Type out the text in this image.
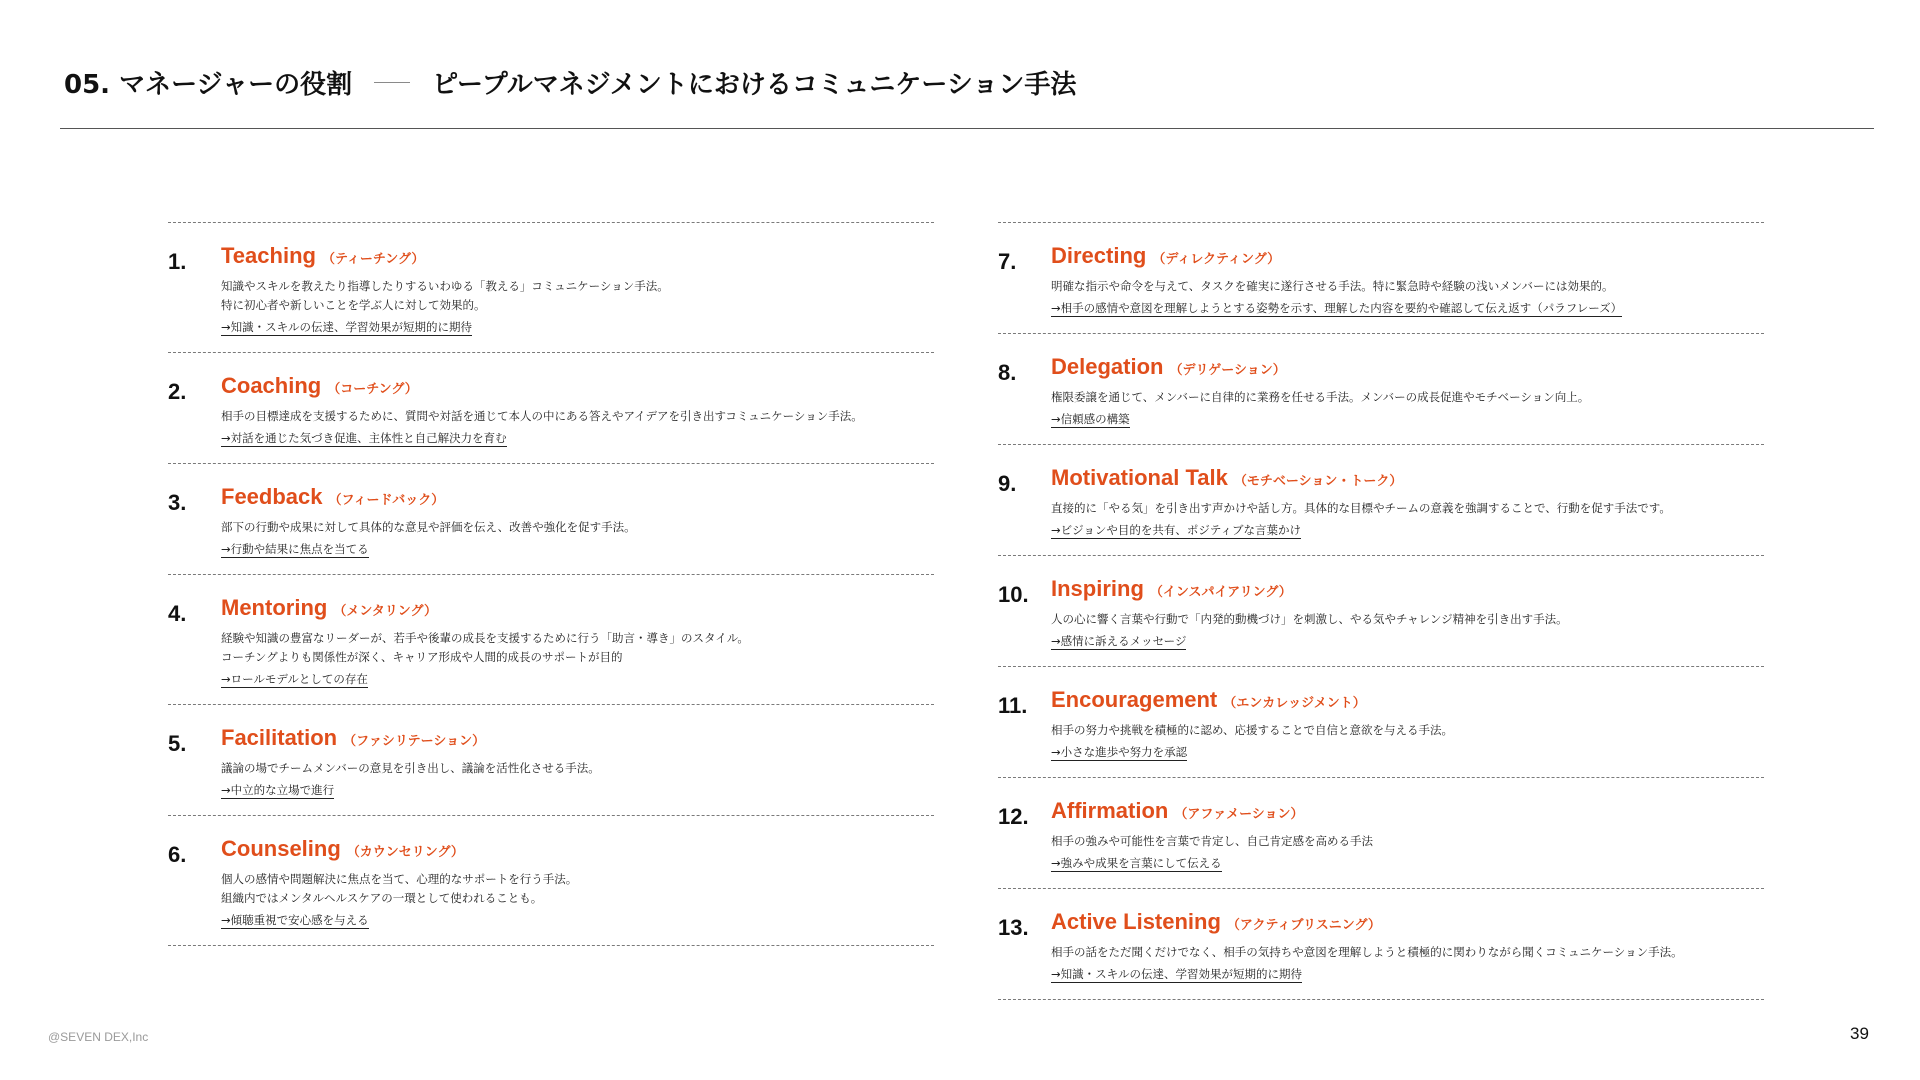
05. マネージャーの役割	ピープルマネジメントにおけるコミュニケーション手法
1. Teaching （ティーチング）
知識やスキルを教えたり指導したりするいわゆる「教える」コミュニケーション手法。
特に初心者や新しいことを学ぶ人に対して効果的。
→知識・スキルの伝達、学習効果が短期的に期待
2. Coaching （コーチング）
相手の目標達成を支援するために、質問や対話を通じて本人の中にある答えやアイデアを引き出すコミュニケーション手法。
→対話を通じた気づき促進、主体性と自己解決力を育む
3. Feedback （フィードバック）
部下の行動や成果に対して具体的な意見や評価を伝え、改善や強化を促す手法。
→行動や結果に焦点を当てる
4. Mentoring （メンタリング）
経験や知識の豊富なリーダーが、若手や後輩の成長を支援するために行う「助言・導き」のスタイル。
コーチングよりも関係性が深く、キャリア形成や人間的成長のサポートが目的
→ロールモデルとしての存在
5. Facilitation （ファシリテーション）
議論の場でチームメンバーの意見を引き出し、議論を活性化させる手法。
→中立的な立場で進行
6. Counseling （カウンセリング）
個人の感情や問題解決に焦点を当て、心理的なサポートを行う手法。
組織内ではメンタルヘルスケアの一環として使われることも。
→傾聴重視で安心感を与える
7. Directing （ディレクティング）
明確な指示や命令を与えて、タスクを確実に遂行させる手法。特に緊急時や経験の浅いメンバーには効果的。
→相手の感情や意図を理解しようとする姿勢を示す、理解した内容を要約や確認して伝え返す（パラフレーズ）
8. Delegation （デリゲーション）
権限委譲を通じて、メンバーに自律的に業務を任せる手法。メンバーの成長促進やモチベーション向上。
→信頼感の構築
9. Motivational Talk （モチベーション・トーク）
直接的に「やる気」を引き出す声かけや話し方。具体的な目標やチームの意義を強調することで、行動を促す手法です。
→ビジョンや目的を共有、ポジティブな言葉かけ
10. Inspiring （インスパイアリング）
人の心に響く言葉や行動で「内発的動機づけ」を刺激し、やる気やチャレンジ精神を引き出す手法。
→感情に訴えるメッセージ
11. Encouragement （エンカレッジメント）
相手の努力や挑戦を積極的に認め、応援することで自信と意欲を与える手法。
→小さな進歩や努力を承認
12. Affirmation （アファメーション）
相手の強みや可能性を言葉で肯定し、自己肯定感を高める手法
→強みや成果を言葉にして伝える
13. Active Listening （アクティブリスニング）
相手の話をただ聞くだけでなく、相手の気持ちや意図を理解しようと積極的に関わりながら聞くコミュニケーション手法。
→知識・スキルの伝達、学習効果が短期的に期待
@SEVEN DEX,Inc	39
